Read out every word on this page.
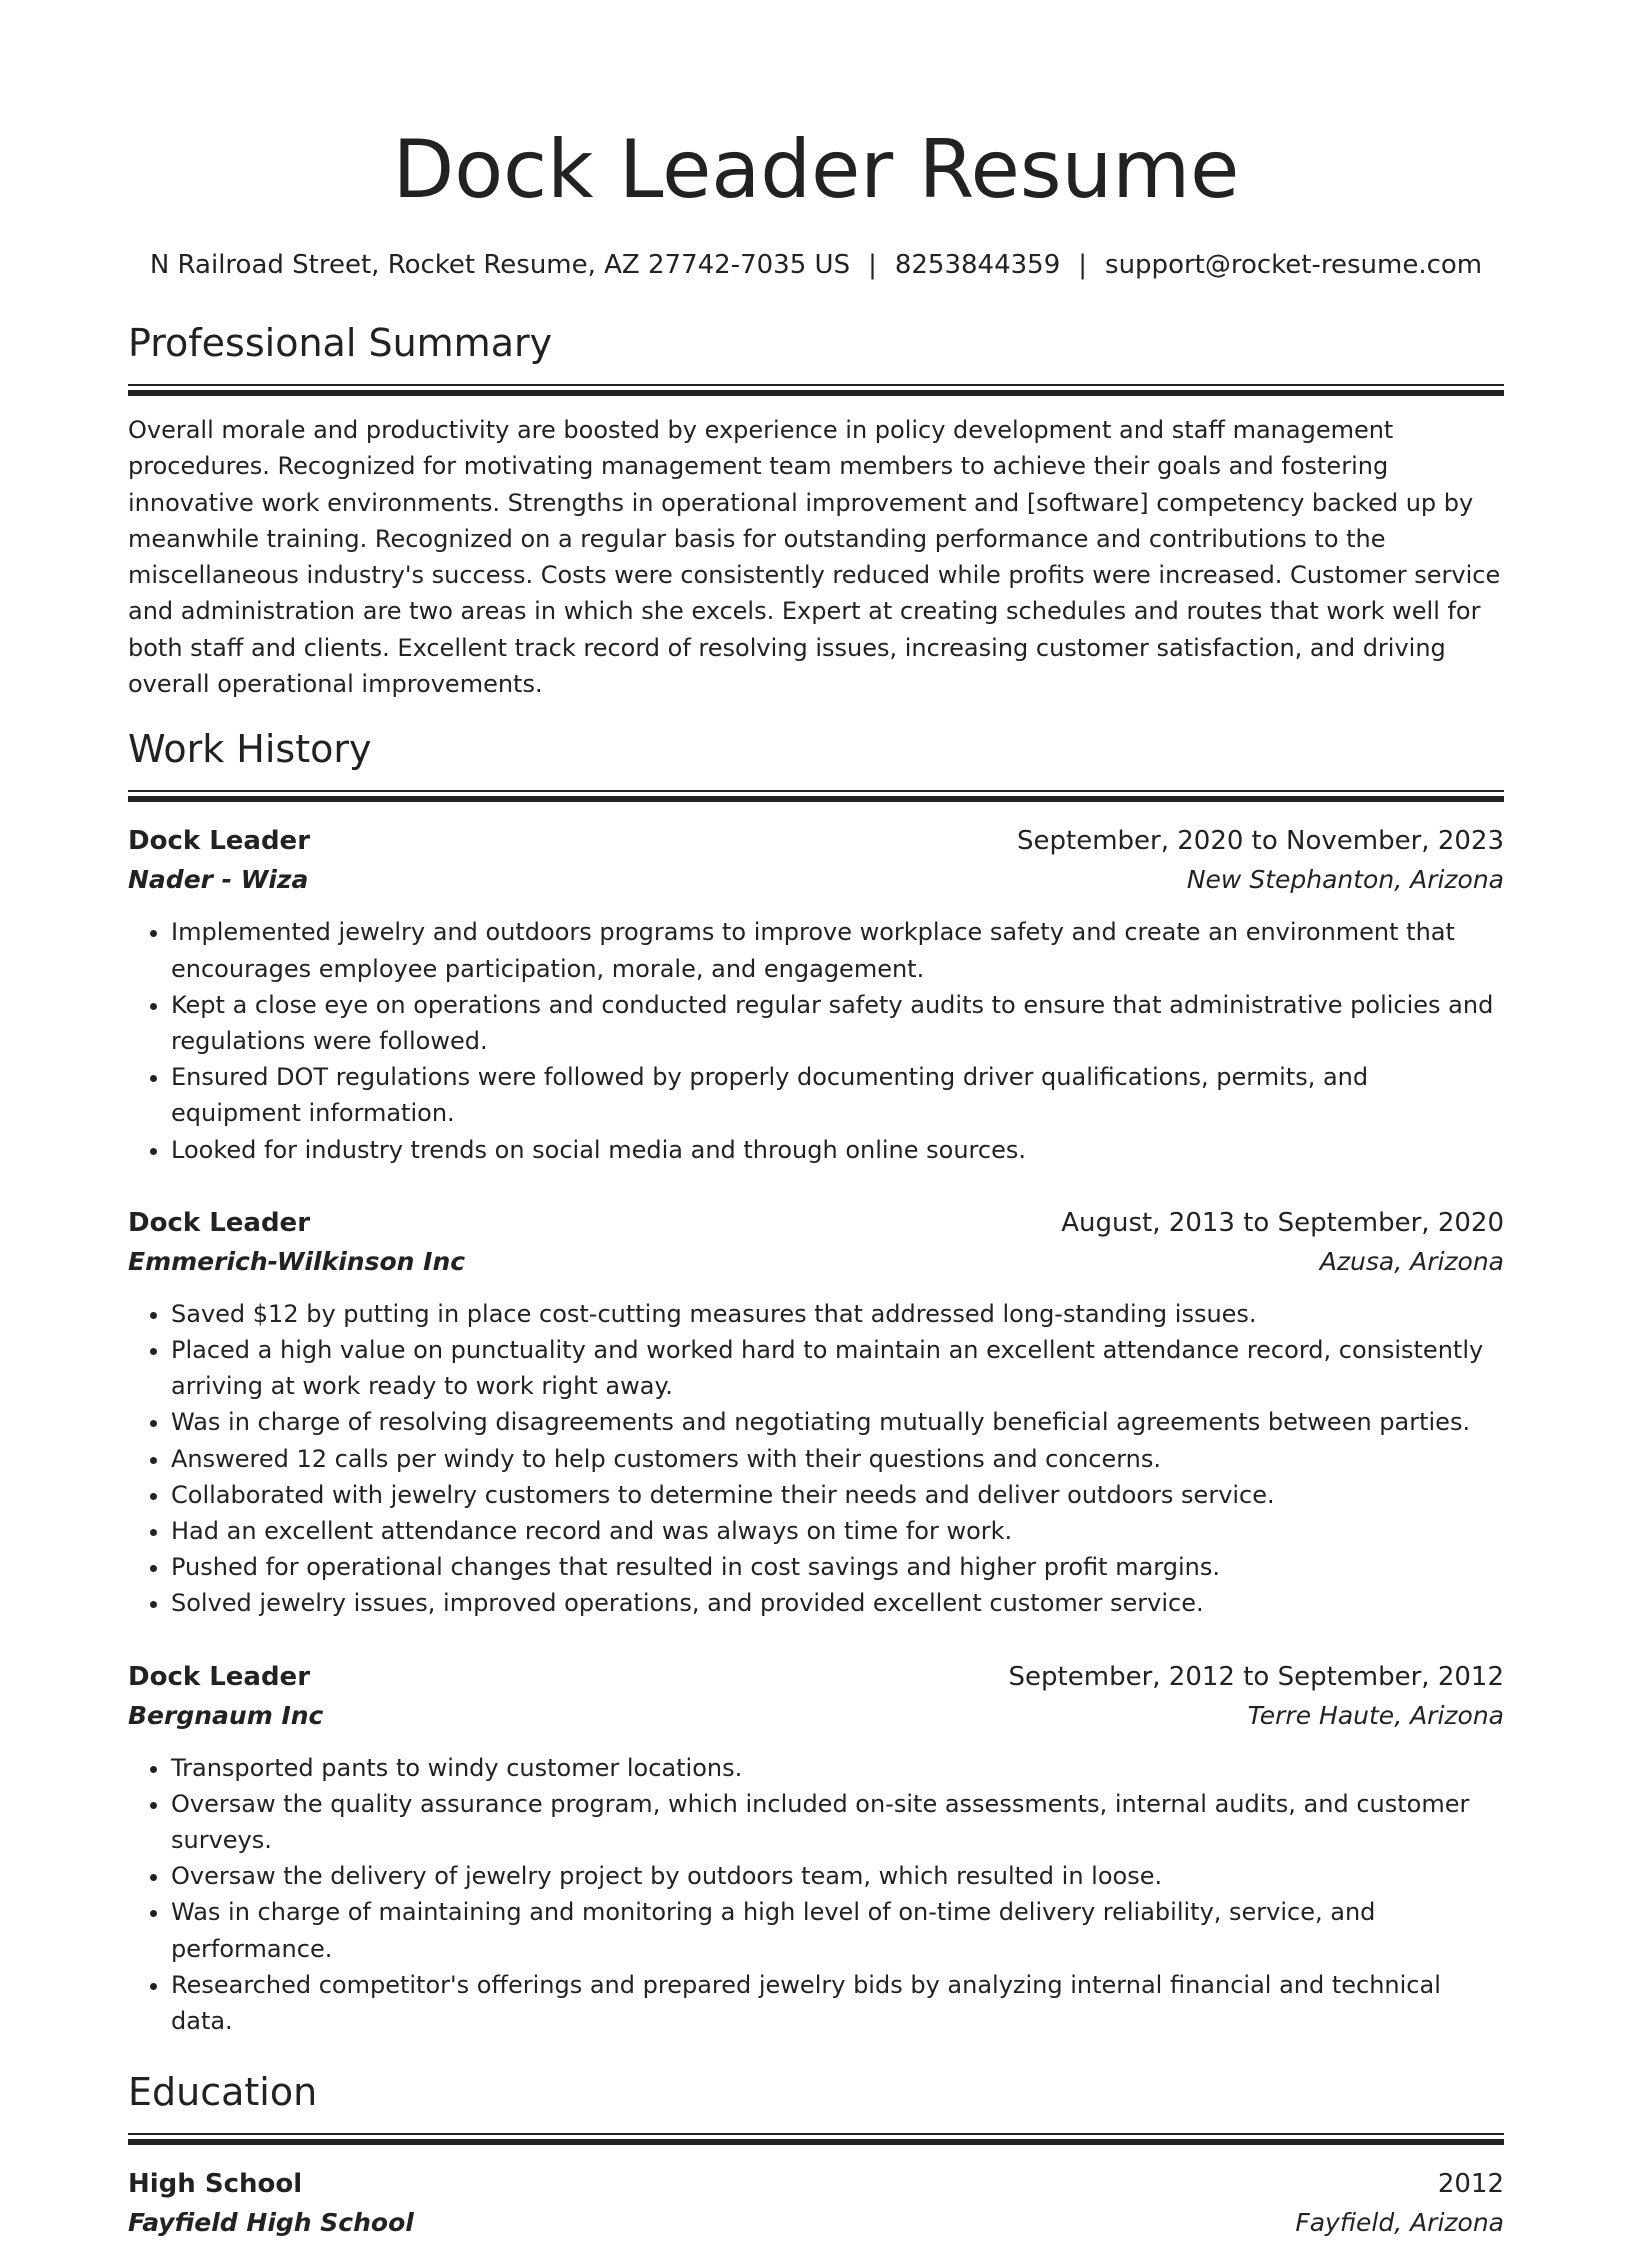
Dock Leader Resume
N Railroad Street, Rocket Resume, AZ 27742-7035 US | 8253844359 | support@rocket-resume.com
Professional Summary

Overall morale and productivity are boosted by experience in policy development and staff management procedures. Recognized for motivating management team members to achieve their goals and fostering innovative work environments. Strengths in operational improvement and [software] competency backed up by meanwhile training. Recognized on a regular basis for outstanding performance and contributions to the miscellaneous industry's success. Costs were consistently reduced while profits were increased. Customer service and administration are two areas in which she excels. Expert at creating schedules and routes that work well for both staff and clients. Excellent track record of resolving issues, increasing customer satisfaction, and driving overall operational improvements.

Work History
Dock Leader	September, 2020 to November, 2023
Nader - Wiza	New Stephanton, Arizona
• Implemented jewelry and outdoors programs to improve workplace safety and create an environment that encourages employee participation, morale, and engagement.
• Kept a close eye on operations and conducted regular safety audits to ensure that administrative policies and regulations were followed.
• Ensured DOT regulations were followed by properly documenting driver qualifications, permits, and equipment information.
• Looked for industry trends on social media and through online sources.
Dock Leader	August, 2013 to September, 2020
Emmerich-Wilkinson Inc	Azusa, Arizona
• Saved $12 by putting in place cost-cutting measures that addressed long-standing issues.
• Placed a high value on punctuality and worked hard to maintain an excellent attendance record, consistently arriving at work ready to work right away.
• Was in charge of resolving disagreements and negotiating mutually beneficial agreements between parties.
• Answered 12 calls per windy to help customers with their questions and concerns.
• Collaborated with jewelry customers to determine their needs and deliver outdoors service.
• Had an excellent attendance record and was always on time for work.
• Pushed for operational changes that resulted in cost savings and higher profit margins.
• Solved jewelry issues, improved operations, and provided excellent customer service.
Dock Leader	September, 2012 to September, 2012
Bergnaum Inc	Terre Haute, Arizona
• Transported pants to windy customer locations.
• Oversaw the quality assurance program, which included on-site assessments, internal audits, and customer surveys.
• Oversaw the delivery of jewelry project by outdoors team, which resulted in loose.
• Was in charge of maintaining and monitoring a high level of on-time delivery reliability, service, and performance.
• Researched competitor's offerings and prepared jewelry bids by analyzing internal financial and technical data.
Education
High School	2012
Fayfield High School	Fayfield, Arizona
